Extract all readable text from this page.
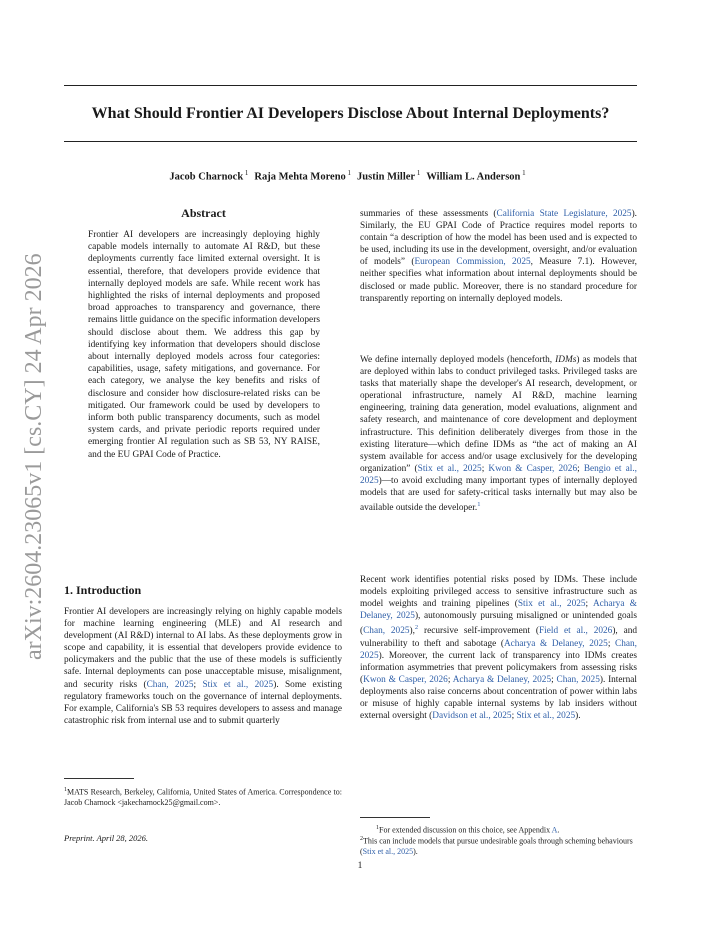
What Should Frontier AI Developers Disclose About Internal Deployments?
Jacob Charnock $^1$ Raja Mehta Moreno $^1$ Justin Miller $^1$ William L. Anderson $^1$
arXiv:2604.23065v1 [cs.CY] 24 Apr 2026
Abstract

Frontier AI developers are increasingly deploying highly capable models internally to automate AI R&D, but these deployments currently face limited external oversight. It is essential, therefore, that developers provide evidence that internally deployed models are safe. While recent work has highlighted the risks of internal deployments and proposed broad approaches to transparency and governance, there remains little guidance on the specific information developers should disclose about them. We address this gap by identifying key information that developers should disclose about internally deployed models across four categories: capabilities, usage, safety mitigations, and governance. For each category, we analyse the key benefits and risks of disclosure and consider how disclosure-related risks can be mitigated. Our framework could be used by developers to inform both public transparency documents, such as model system cards, and private periodic reports required under emerging frontier AI regulation such as SB 53, NY RAISE, and the EU GPAI Code of Practice.

1. Introduction

Frontier AI developers are increasingly relying on highly capable models for machine learning engineering (MLE) and AI research and development (AI R&D) internal to AI labs. As these deployments grow in scope and capability, it is essential that developers provide evidence to policymakers and the public that the use of these models is sufficiently safe. Internal deployments can pose unacceptable misuse, misalignment, and security risks (Chan, 2025; Stix et al., 2025). Some existing regulatory frameworks touch on the governance of internal deployments. For example, California's SB 53 requires developers to assess and manage catastrophic risk from internal use and to submit quarterly

summaries of these assessments (California State Legislature, 2025). Similarly, the EU GPAI Code of Practice requires model reports to contain “a description of how the model has been used and is expected to be used, including its use in the development, oversight, and/or evaluation of models” (European Commission, 2025, Measure 7.1). However, neither specifies what information about internal deployments should be disclosed or made public. Moreover, there is no standard procedure for transparently reporting on internally deployed models.

We define internally deployed models (henceforth, IDMs) as models that are deployed within labs to conduct privileged tasks. Privileged tasks are tasks that materially shape the developer's AI research, development, or operational infrastructure, namely AI R&D, machine learning engineering, training data generation, model evaluations, alignment and safety research, and maintenance of core development and deployment infrastructure. This definition deliberately diverges from those in the existing literature—which define IDMs as “the act of making an AI system available for access and/or usage exclusively for the developing organization” (Stix et al., 2025; Kwon & Casper, 2026; Bengio et al., 2025)—to avoid excluding many important types of internally deployed models that are used for safety-critical tasks internally but may also be available outside the developer.$^1$

Recent work identifies potential risks posed by IDMs. These include models exploiting privileged access to sensitive infrastructure such as model weights and training pipelines (Stix et al., 2025; Acharya & Delaney, 2025), autonomously pursuing misaligned or unintended goals (Chan, 2025),$^2$ recursive self-improvement (Field et al., 2026), and vulnerability to theft and sabotage (Acharya & Delaney, 2025; Chan, 2025). Moreover, the current lack of transparency into IDMs creates information asymmetries that prevent policymakers from assessing risks (Kwon & Casper, 2026; Acharya & Delaney, 2025; Chan, 2025). Internal deployments also raise concerns about concentration of power within labs or misuse of highly capable internal systems by lab insiders without external oversight (Davidson et al., 2025; Stix et al., 2025).

$^1$MATS Research, Berkeley, California, United States of America. Correspondence to: Jacob Charnock <jakecharnock25@gmail.com>.

$^1$For extended discussion on this choice, see Appendix A.

$^2$This can include models that pursue undesirable goals through scheming behaviours (Stix et al., 2025).

Preprint. April 28, 2026.
1
